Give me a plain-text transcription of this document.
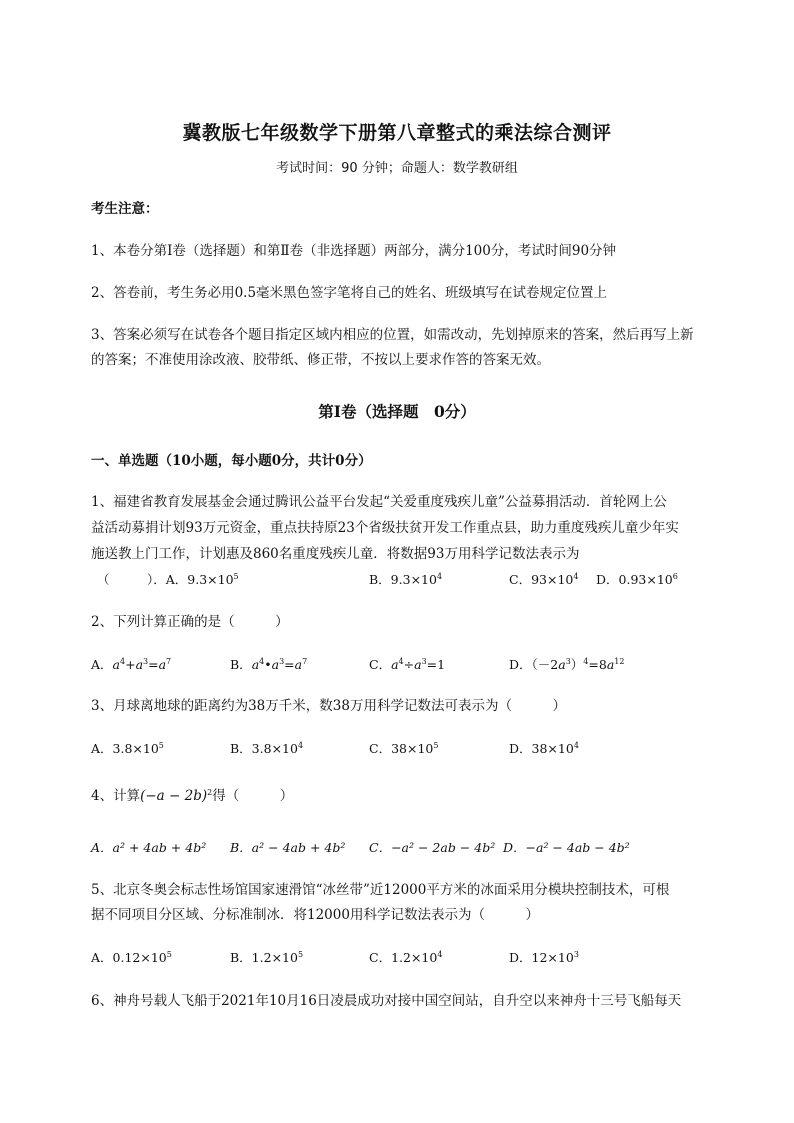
冀教版七年级数学下册第八章整式的乘法综合测评
考试时间：90 分钟；命题人：数学教研组
考生注意：
1、本卷分第Ⅰ卷（选择题）和第Ⅱ卷（非选择题）两部分，满分100分，考试时间90分钟
2、答卷前，考生务必用0.5毫米黑色签字笔将自己的姓名、班级填写在试卷规定位置上
3、答案必须写在试卷各个题目指定区域内相应的位置，如需改动，先划掉原来的答案，然后再写上新
的答案；不准使用涂改液、胶带纸、修正带，不按以上要求作答的答案无效。
第Ⅰ卷（选择题　0分）
一、单选题（10小题，每小题0分，共计0分）
1、福建省教育发展基金会通过腾讯公益平台发起“关爱重度残疾儿童”公益募捐活动．首轮网上公
益活动募捐计划93万元资金，重点扶持原23个省级扶贫开发工作重点县，助力重度残疾儿童少年实
施送教上门工作，计划惠及860名重度残疾儿童．将数据93万用科学记数法表示为
（　　　）．A．$9.3\times 10^5$	B．$9.3\times 10^4$	C．$93\times 10^4$ D．$0.93\times 10^6$
2、下列计算正确的是（　　　）
A．$a^4+a^3=a^7$	B．$a^4•a^3=a^7$	C．$a^4\div a^3=1$	D．$(-2a^3)^4=8a^{12}$
3、月球离地球的距离约为38万千米，数38万用科学记数法可表示为（　　　）
A．$3.8\times 10^5$	B．$3.8\times 10^4$	C．$38\times 10^5$	D．$38\times 10^4$
4、计算$(-a - 2b)^2$得（　　　）
A．a² + 4ab + 4b² B．a² − 4ab + 4b² C．−a² − 2ab − 4b² D．−a² − 4ab − 4b²
5、北京冬奥会标志性场馆国家速滑馆“冰丝带”近12000平方米的冰面采用分模块控制技术，可根
据不同项目分区域、分标准制冰．将12000用科学记数法表示为（　　　）
A．$0.12\times 10^5$	B．$1.2\times 10^5$	C．$1.2\times 10^4$	D．$12\times 10^3$
6、神舟号载人飞船于2021年10月16日凌晨成功对接中国空间站，自升空以来神舟十三号飞船每天
